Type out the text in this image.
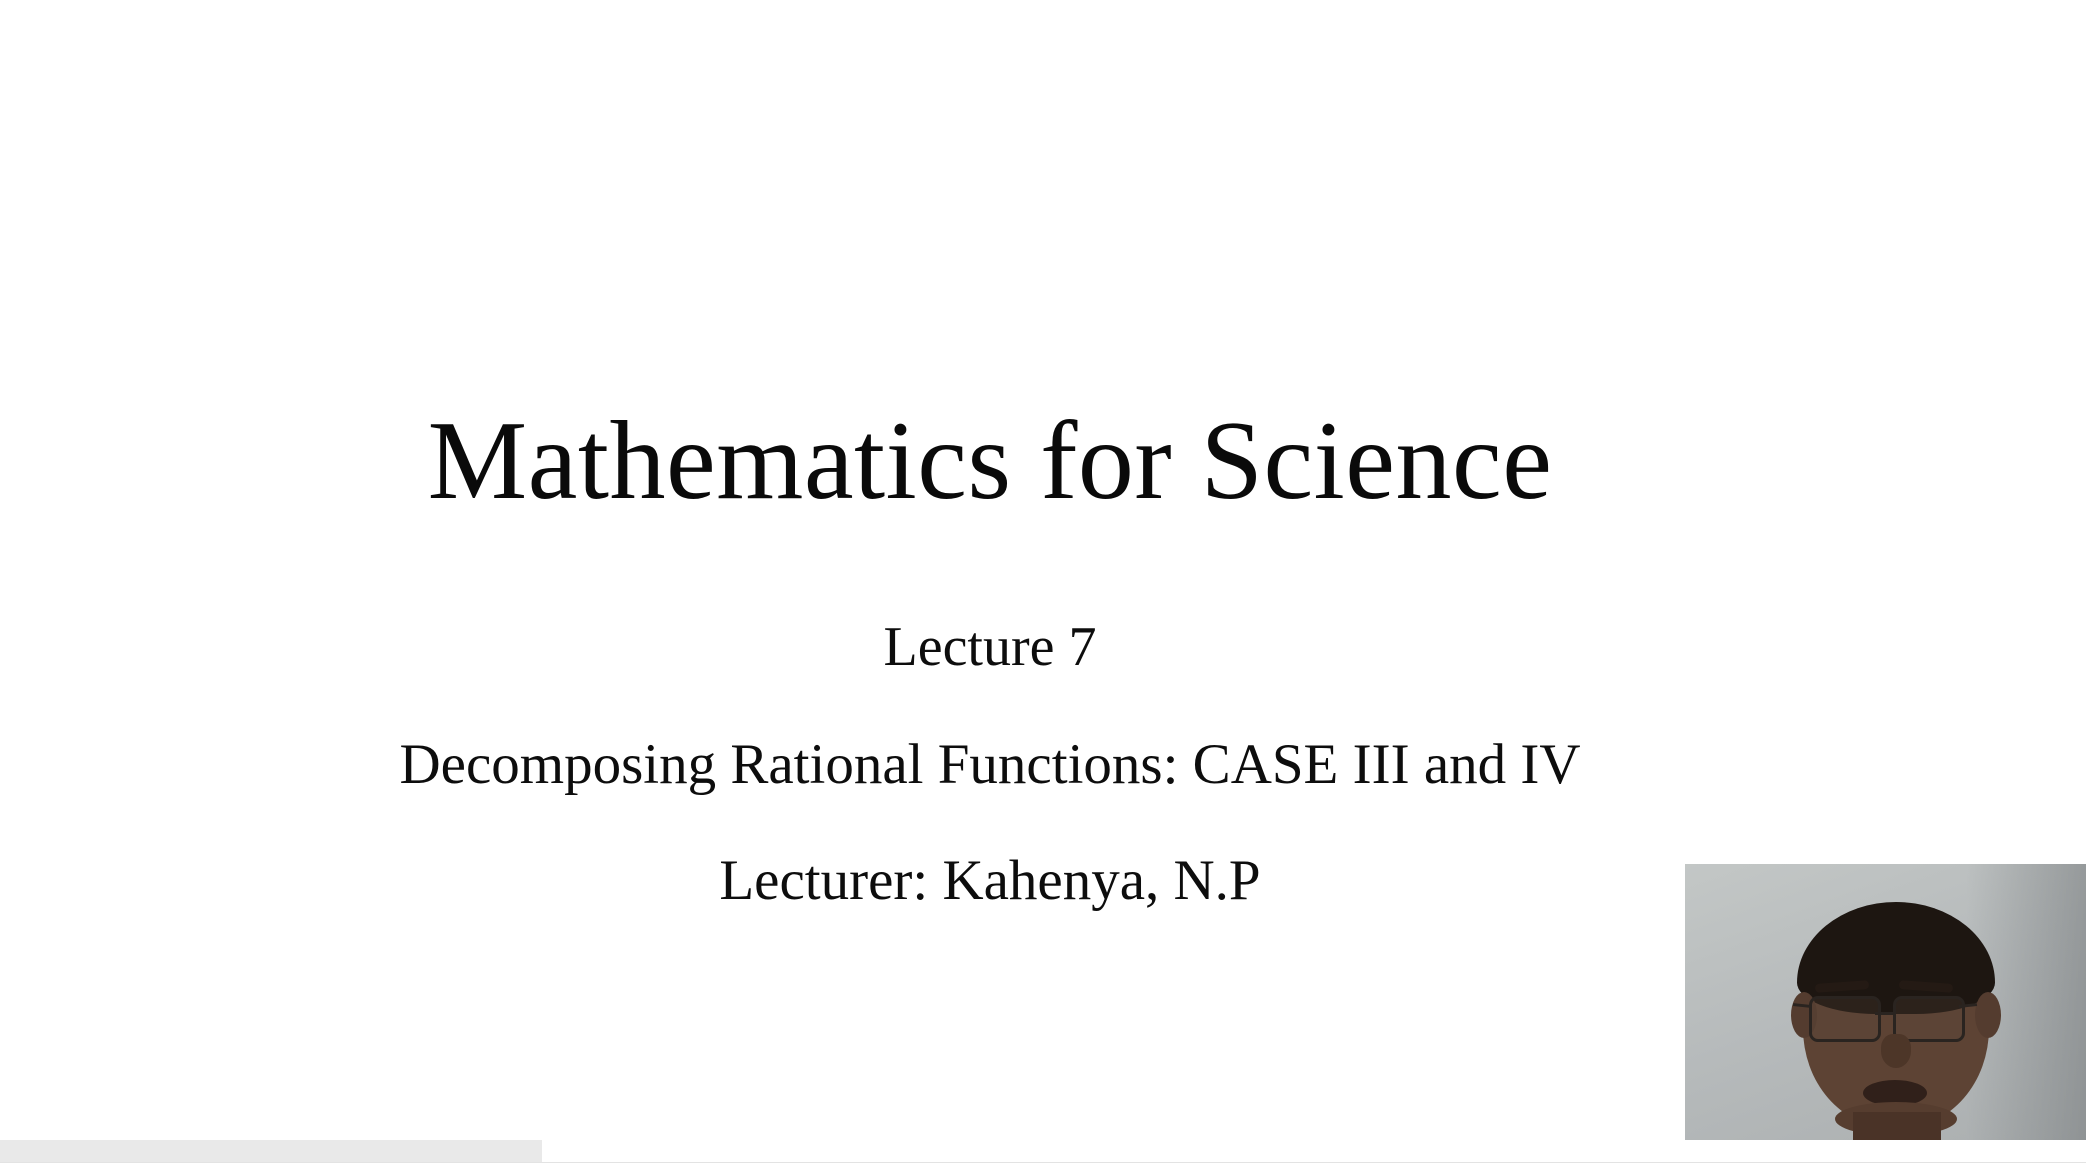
Mathematics for Science
Lecture 7
Decomposing Rational Functions: CASE III and IV
Lecturer: Kahenya, N.P
